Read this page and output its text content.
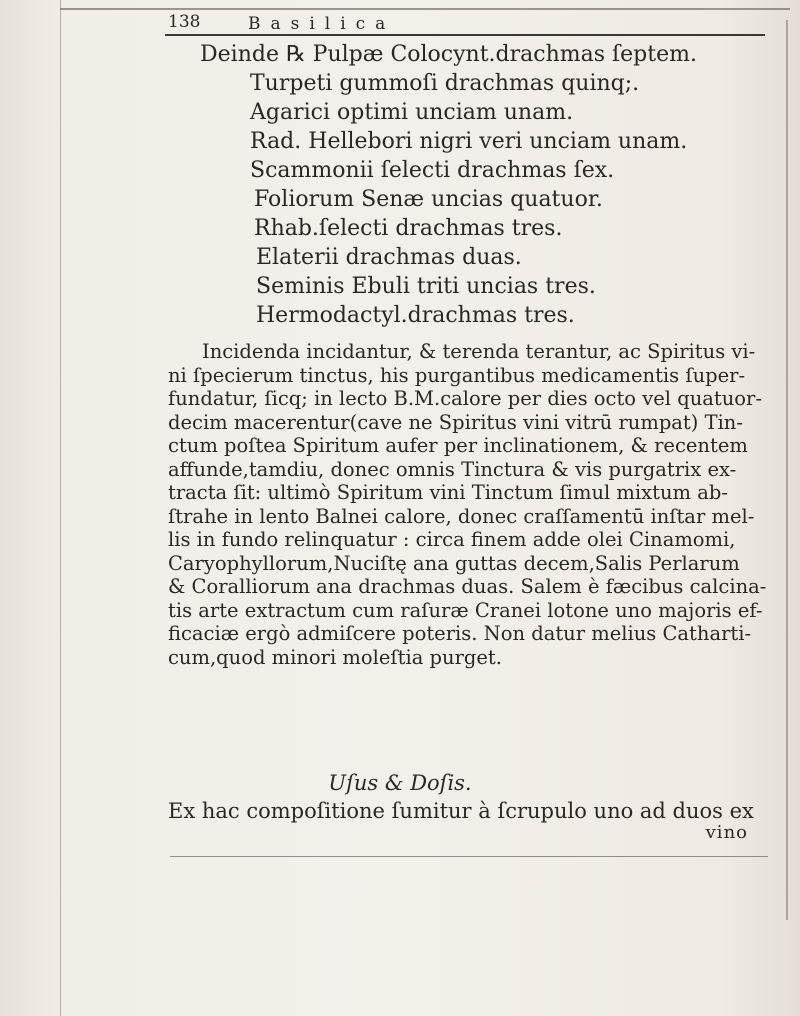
138	Basilica
Deinde ℞ Pulpæ Colocynt.drachmas ſeptem.
Turpeti gummoſi drachmas quinq;.
Agarici optimi unciam unam.
Rad. Hellebori nigri veri unciam unam.
Scammonii ſelecti drachmas ſex.
Foliorum Senæ uncias quatuor.
Rhab.ſelecti drachmas tres.
Elaterii drachmas duas.
Seminis Ebuli triti uncias tres.
Hermodactyl.drachmas tres.
Incidenda incidantur, & terenda terantur, ac Spiritus vi-
ni ſpecierum tinctus, his purgantibus medicamentis ſuper-
fundatur, ſicq; in lecto B.M.calore per dies octo vel quatuor-
decim macerentur(cave ne Spiritus vini vitrū rumpat) Tin-
ctum poſtea Spiritum aufer per inclinationem, & recentem
affunde,tamdiu, donec omnis Tinctura & vis purgatrix ex-
tracta ſit: ultimò Spiritum vini Tinctum ſimul mixtum ab-
ſtrahe in lento Balnei calore, donec craſſamentū inſtar mel-
lis in fundo relinquatur : circa finem adde olei Cinamomi,
Caryophyllorum,Nuciſtę ana guttas decem,Salis Perlarum
& Coralliorum ana drachmas duas. Salem è fæcibus calcina-
tis arte extractum cum raſuræ Cranei lotone uno majoris ef-
ficaciæ ergò admiſcere poteris. Non datur melius Catharti-
cum,quod minori moleſtia purget.
Uſus & Doſis.
Ex hac compoſitione ſumitur à ſcrupulo uno ad duos ex
vino
